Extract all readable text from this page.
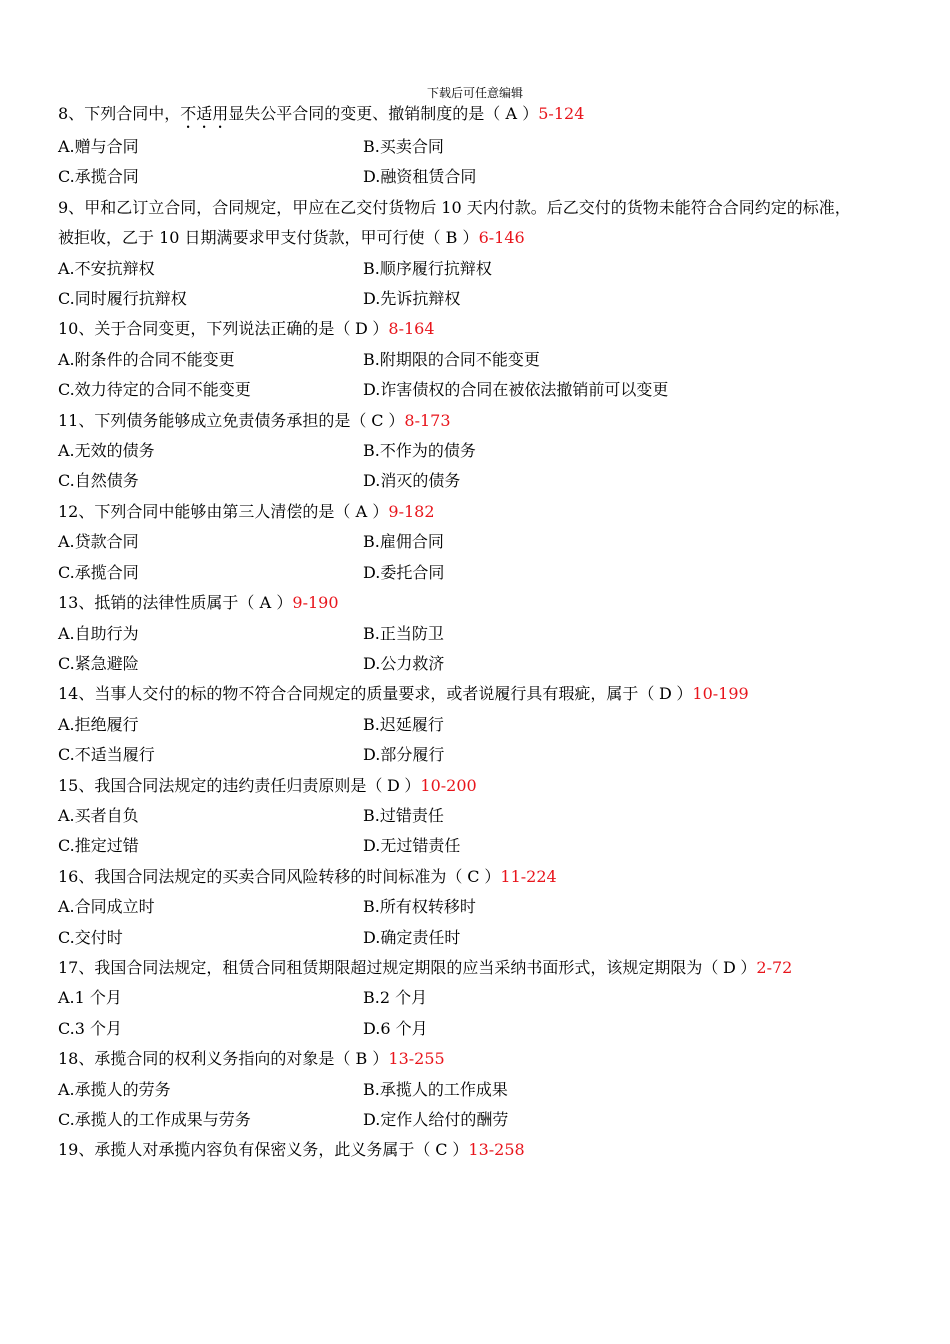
下载后可任意编辑
8、下列合同中，不适用显失公平合同的变更、撤销制度的是（ A ）5-124
A.赠与合同	B.买卖合同
C.承揽合同	D.融资租赁合同
9、甲和乙订立合同，合同规定，甲应在乙交付货物后 10 天内付款。后乙交付的货物未能符合合同约定的标准，
被拒收，乙于 10 日期满要求甲支付货款，甲可行使（ B ）6-146
A.不安抗辩权	B.顺序履行抗辩权
C.同时履行抗辩权	D.先诉抗辩权
10、关于合同变更，下列说法正确的是（ D ）8-164
A.附条件的合同不能变更	B.附期限的合同不能变更
C.效力待定的合同不能变更	D.诈害债权的合同在被依法撤销前可以变更
11、下列债务能够成立免责债务承担的是（ C ）8-173
A.无效的债务	B.不作为的债务
C.自然债务	D.消灭的债务
12、下列合同中能够由第三人清偿的是（ A ）9-182
A.贷款合同	B.雇佣合同
C.承揽合同	D.委托合同
13、抵销的法律性质属于（ A ）9-190
A.自助行为	B.正当防卫
C.紧急避险	D.公力救济
14、当事人交付的标的物不符合合同规定的质量要求，或者说履行具有瑕疵，属于（ D ）10-199
A.拒绝履行	B.迟延履行
C.不适当履行	D.部分履行
15、我国合同法规定的违约责任归责原则是（ D ）10-200
A.买者自负	B.过错责任
C.推定过错	D.无过错责任
16、我国合同法规定的买卖合同风险转移的时间标准为（ C ）11-224
A.合同成立时	B.所有权转移时
C.交付时	D.确定责任时
17、我国合同法规定，租赁合同租赁期限超过规定期限的应当采纳书面形式，该规定期限为（ D ）2-72
A.1 个月	B.2 个月
C.3 个月	D.6 个月
18、承揽合同的权利义务指向的对象是（ B ）13-255
A.承揽人的劳务	B.承揽人的工作成果
C.承揽人的工作成果与劳务	D.定作人给付的酬劳
19、承揽人对承揽内容负有保密义务，此义务属于（ C ）13-258
